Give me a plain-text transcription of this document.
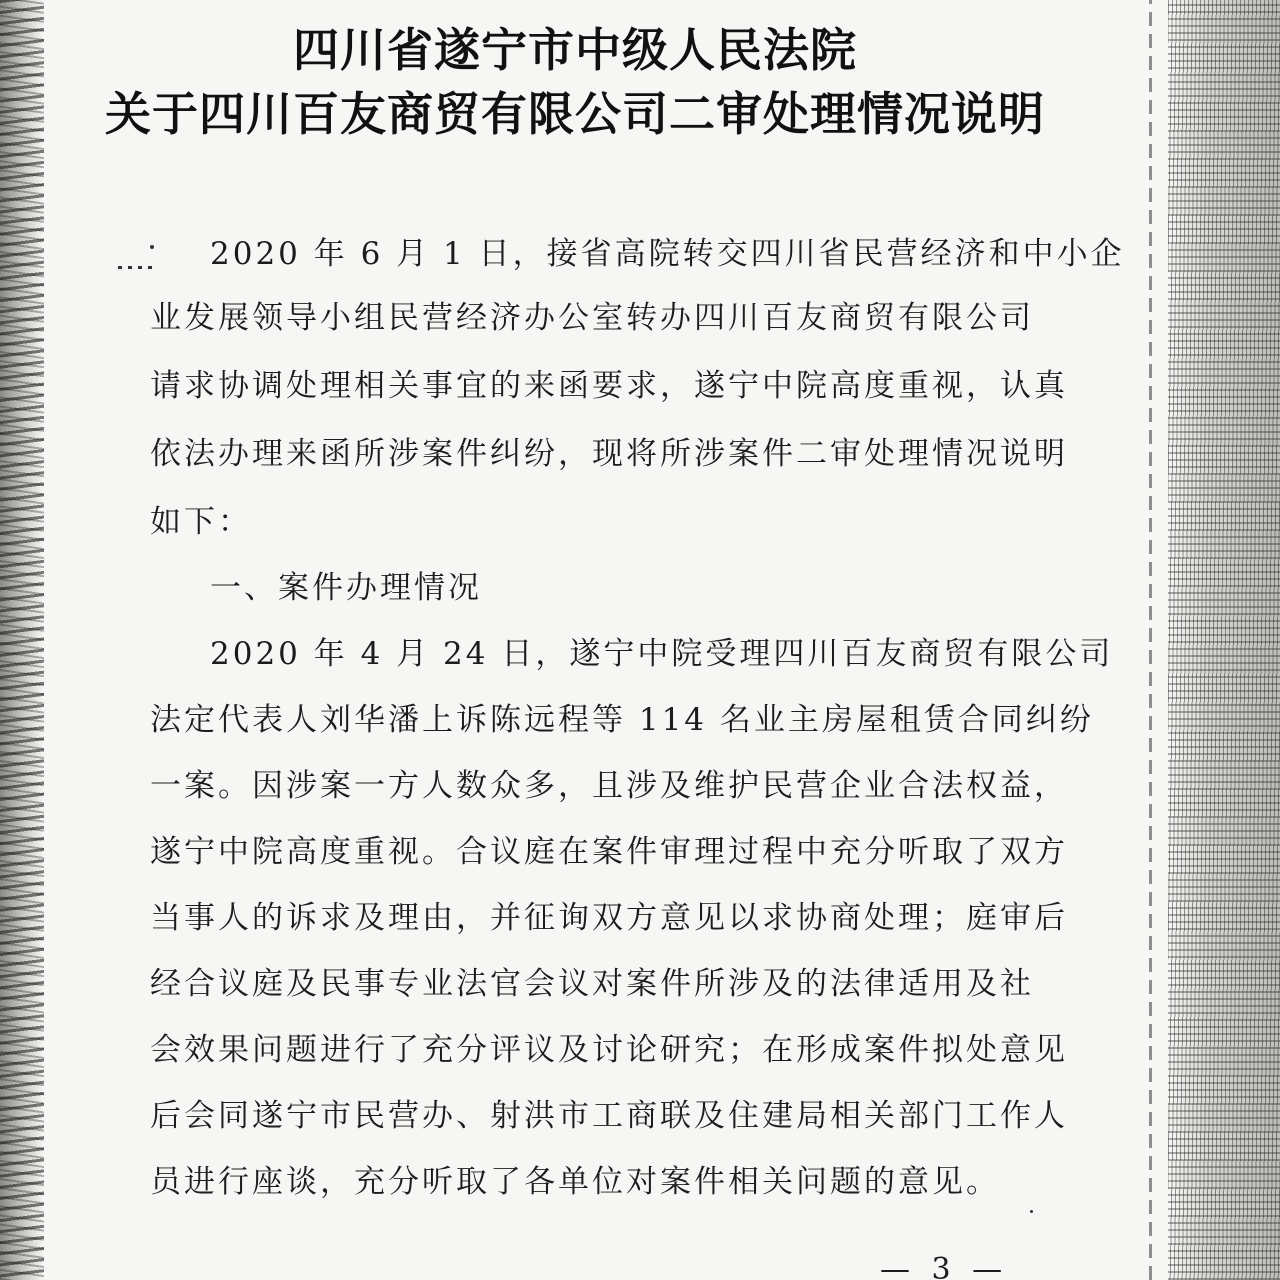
四川省遂宁市中级人民法院
关于四川百友商贸有限公司二审处理情况说明
2020 年 6 月 1 日，接省高院转交四川省民营经济和中小企
业发展领导小组民营经济办公室转办四川百友商贸有限公司
请求协调处理相关事宜的来函要求，遂宁中院高度重视，认真
依法办理来函所涉案件纠纷，现将所涉案件二审处理情况说明
如下：
一、案件办理情况
2020 年 4 月 24 日，遂宁中院受理四川百友商贸有限公司
法定代表人刘华潘上诉陈远程等 114 名业主房屋租赁合同纠纷
一案。因涉案一方人数众多，且涉及维护民营企业合法权益，
遂宁中院高度重视。合议庭在案件审理过程中充分听取了双方
当事人的诉求及理由，并征询双方意见以求协商处理；庭审后
经合议庭及民事专业法官会议对案件所涉及的法律适用及社
会效果问题进行了充分评议及讨论研究；在形成案件拟处意见
后会同遂宁市民营办、射洪市工商联及住建局相关部门工作人
员进行座谈，充分听取了各单位对案件相关问题的意见。
— 3 —
